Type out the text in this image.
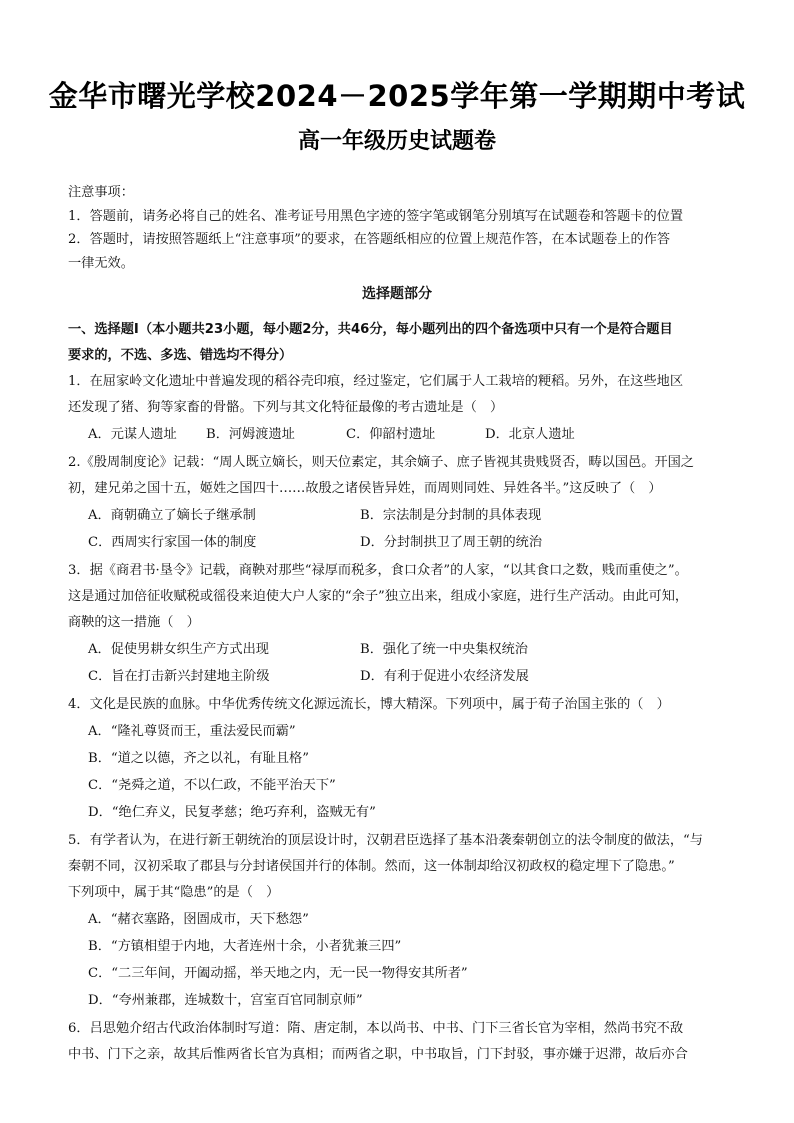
金华市曙光学校2024－2025学年第一学期期中考试
高一年级历史试题卷
注意事项：
1．答题前，请务必将自己的姓名、准考证号用黑色字迹的签字笔或钢笔分别填写在试题卷和答题卡的位置
2．答题时，请按照答题纸上“注意事项”的要求，在答题纸相应的位置上规范作答，在本试题卷上的作答
一律无效。
选择题部分
一、选择题Ⅰ（本小题共23小题，每小题2分，共46分，每小题列出的四个备选项中只有一个是符合题目
要求的，不选、多选、错选均不得分）
1．在屈家岭文化遗址中普遍发现的稻谷壳印痕，经过鉴定，它们属于人工栽培的粳稻。另外，在这些地区
还发现了猪、狗等家畜的骨骼。下列与其文化特征最像的考古遗址是（　）
A．元谋人遗址	B．河姆渡遗址	C．仰韶村遗址	D．北京人遗址
2.《殷周制度论》记载：“周人既立嫡长，则天位素定，其余嫡子、庶子皆视其贵贱贤否，畴以国邑。开国之
初，建兄弟之国十五，姬姓之国四十……故殷之诸侯皆异姓，而周则同姓、异姓各半。”这反映了（　）
A．商朝确立了嫡长子继承制	B．宗法制是分封制的具体表现
C．西周实行家国一体的制度	D．分封制拱卫了周王朝的统治
3．据《商君书·垦令》记载，商鞅对那些“禄厚而税多，食口众者”的人家，“以其食口之数，贱而重使之”。
这是通过加倍征收赋税或徭役来迫使大户人家的“余子”独立出来，组成小家庭，进行生产活动。由此可知，
商鞅的这一措施（　）
A．促使男耕女织生产方式出现	B．强化了统一中央集权统治
C．旨在打击新兴封建地主阶级	D．有利于促进小农经济发展
4．文化是民族的血脉。中华优秀传统文化源远流长，博大精深。下列项中，属于荀子治国主张的（　）
A．“隆礼尊贤而王，重法爱民而霸”
B．“道之以德，齐之以礼，有耻且格”
C．“尧舜之道，不以仁政，不能平治天下”
D．“绝仁弃义，民复孝慈；绝巧弃利，盗贼无有”
5．有学者认为，在进行新王朝统治的顶层设计时，汉朝君臣选择了基本沿袭秦朝创立的法令制度的做法，“与
秦朝不同，汉初采取了郡县与分封诸侯国并行的体制。然而，这一体制却给汉初政权的稳定埋下了隐患。”
下列项中，属于其“隐患”的是（　）
A．“赭衣塞路，囹圄成市，天下愁怨”
B．“方镇相望于内地，大者连州十余，小者犹兼三四”
C．“二三年间，开阖动摇，举天地之内，无一民一物得安其所者”
D．“夸州兼郡，连城数十，宫室百官同制京师”
6．吕思勉介绍古代政治体制时写道：隋、唐定制，本以尚书、中书、门下三省长官为宰相，然尚书究不敌
中书、门下之亲，故其后惟两省长官为真相；而两省之职，中书取旨，门下封驳，事亦嫌于迟滞，故后亦合
